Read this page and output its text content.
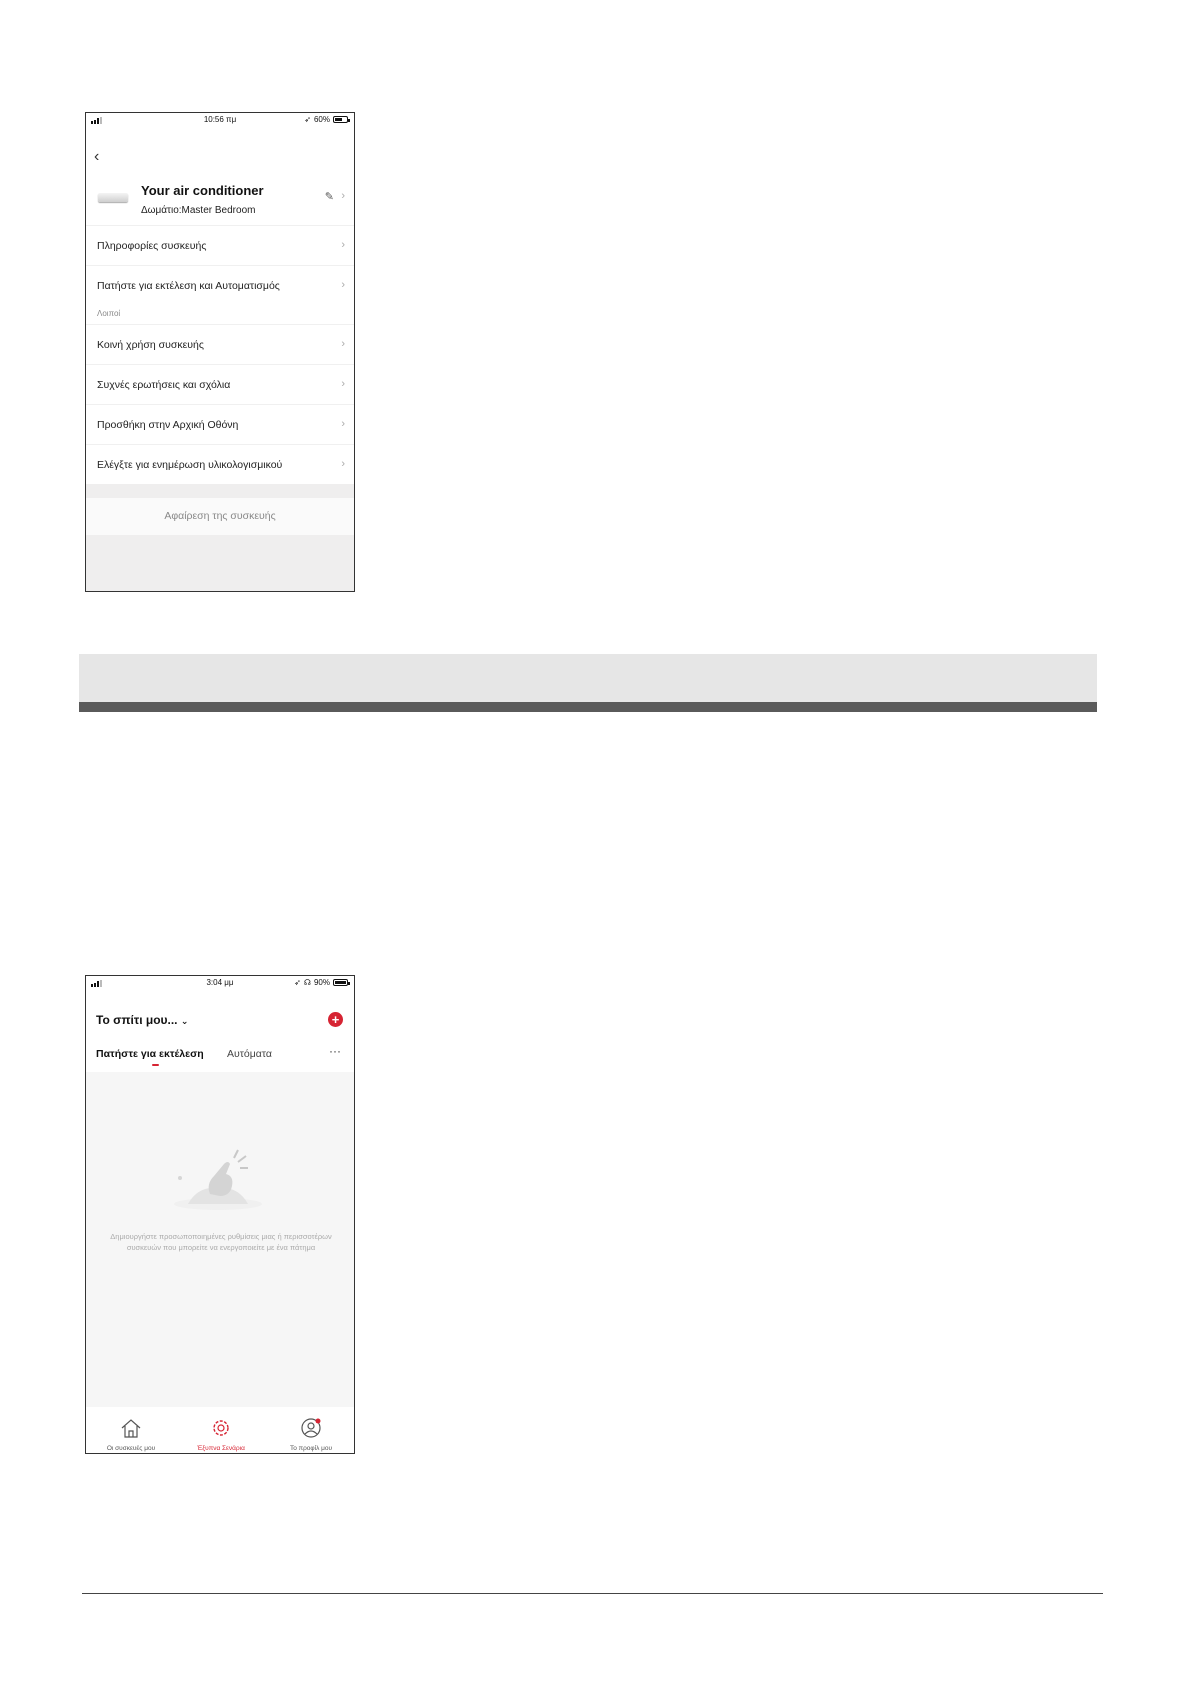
10:56 πμ	➶ 60%
‹
Your air conditioner
Δωμάτιο:Master Bedroom
✎ ›
Πληροφορίες συσκευής	›
Πατήστε για εκτέλεση και Αυτοματισμός	›
Λοιποί
Κοινή χρήση συσκευής	›
Συχνές ερωτήσεις και σχόλια	›
Προσθήκη στην Αρχική Οθόνη	›
Ελέγξτε για ενημέρωση υλικολογισμικού	›
Αφαίρεση της συσκευής
3:04 μμ	➶ ☊ 90%
Το σπίτι μου... ⌄	+
Πατήστε για εκτέλεση Αυτόματα	···
Δημιουργήστε προσωποποιημένες ρυθμίσεις μιας ή περισσοτέρων συσκευών που μπορείτε να ενεργοποιείτε με ένα πάτημα
Οι συσκευές μου	Έξυπνα Σενάρια	Το προφίλ μου
